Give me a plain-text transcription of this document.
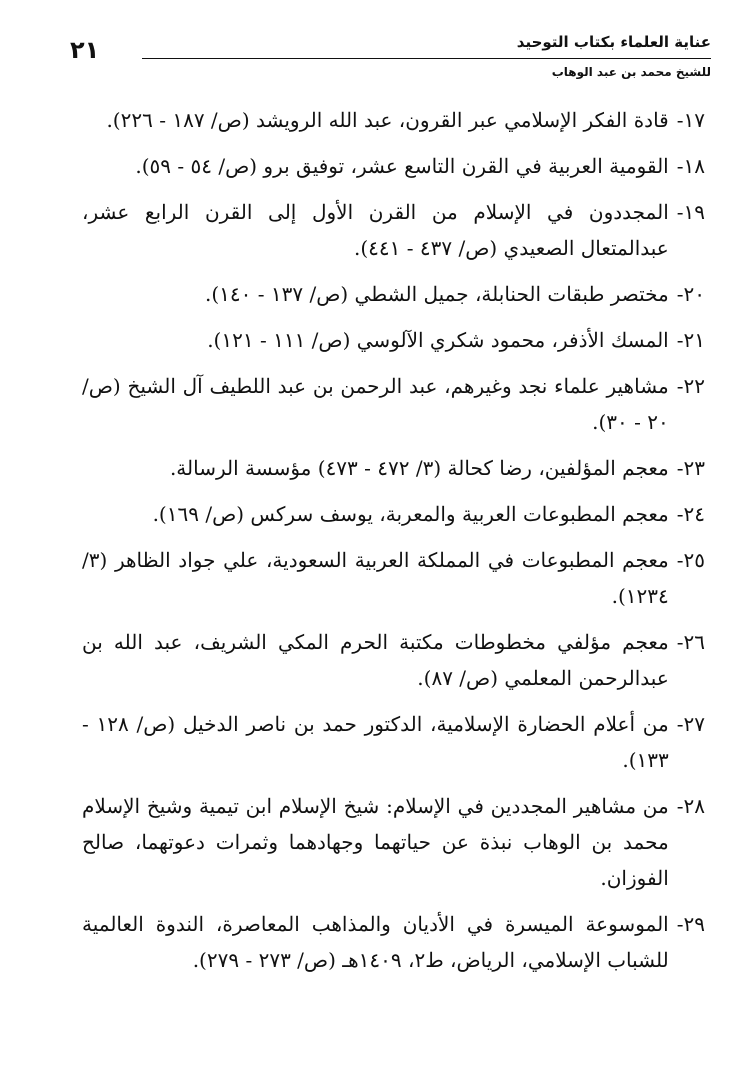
عناية العلماء بكتاب التوحيد
للشيخ محمد بن عبد الوهاب
٢١
١٧-
قادة الفكر الإسلامي عبر القرون، عبد الله الرويشد (ص/ ١٨٧ - ٢٢٦).
١٨-
القومية العربية في القرن التاسع عشر، توفيق برو (ص/ ٥٤ - ٥٩).
١٩-
المجددون في الإسلام من القرن الأول إلى القرن الرابع عشر، عبدالمتعال الصعيدي (ص/ ٤٣٧ - ٤٤١).
٢٠-
مختصر طبقات الحنابلة، جميل الشطي (ص/ ١٣٧ - ١٤٠).
٢١-
المسك الأذفر، محمود شكري الآلوسي (ص/ ١١١ - ١٢١).
٢٢-
مشاهير علماء نجد وغيرهم، عبد الرحمن بن عبد اللطيف آل الشيخ (ص/ ٢٠ - ٣٠).
٢٣-
معجم المؤلفين، رضا كحالة (٣/ ٤٧٢ - ٤٧٣) مؤسسة الرسالة.
٢٤-
معجم المطبوعات العربية والمعربة، يوسف سركس (ص/ ١٦٩).
٢٥-
معجم المطبوعات في المملكة العربية السعودية، علي جواد الظاهر (٣/ ١٢٣٤).
٢٦-
معجم مؤلفي مخطوطات مكتبة الحرم المكي الشريف، عبد الله بن عبدالرحمن المعلمي (ص/ ٨٧).
٢٧-
من أعلام الحضارة الإسلامية، الدكتور حمد بن ناصر الدخيل (ص/ ١٢٨ - ١٣٣).
٢٨-
من مشاهير المجددين في الإسلام: شيخ الإسلام ابن تيمية وشيخ الإسلام محمد بن الوهاب نبذة عن حياتهما وجهادهما وثمرات دعوتهما، صالح الفوزان.
٢٩-
الموسوعة الميسرة في الأديان والمذاهب المعاصرة، الندوة العالمية للشباب الإسلامي، الرياض، ط٢، ١٤٠٩هـ (ص/ ٢٧٣ - ٢٧٩).
